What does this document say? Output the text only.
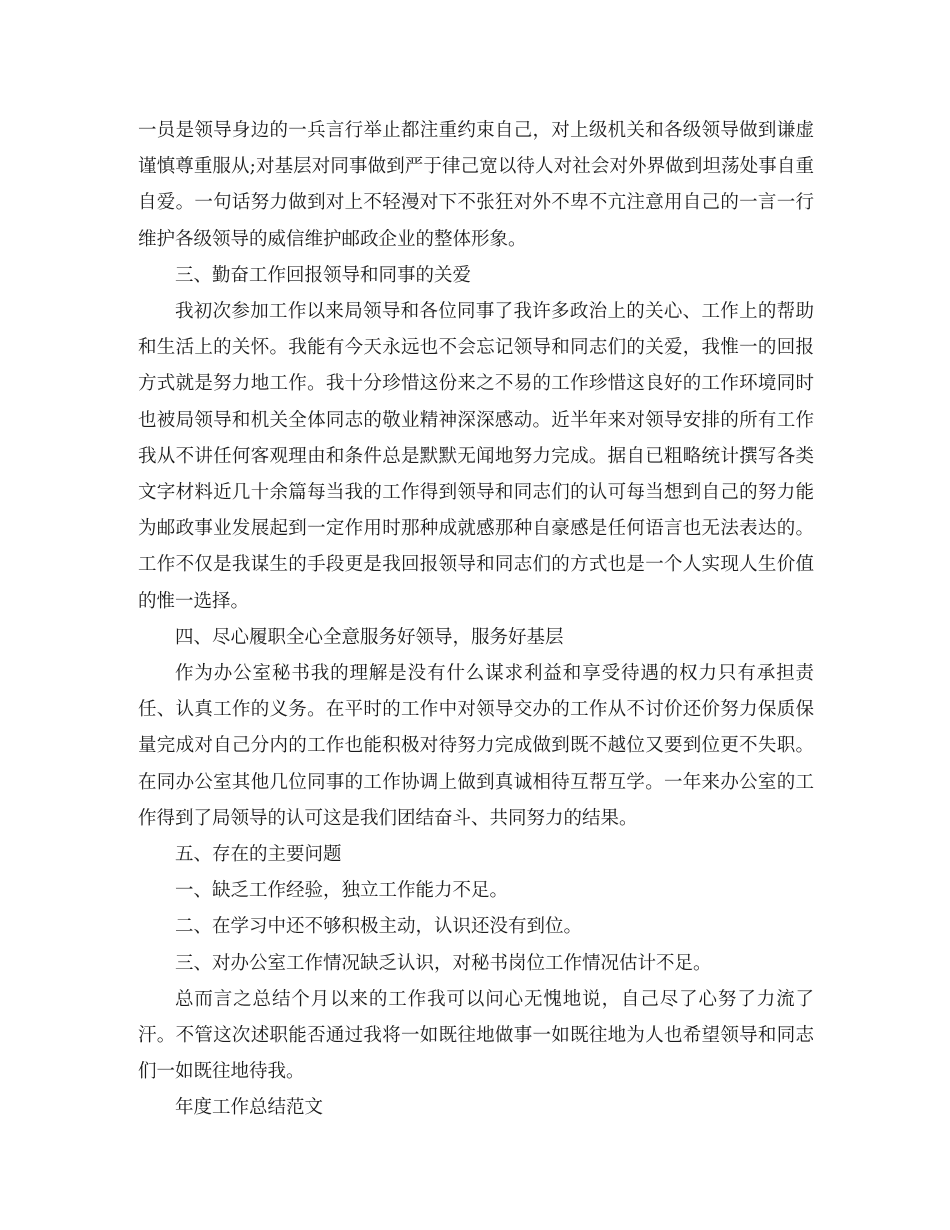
一员是领导身边的一兵言行举止都注重约束自己，对上级机关和各级领导做到谦虚谨慎尊重服从;对基层对同事做到严于律己宽以待人对社会对外界做到坦荡处事自重自爱。一句话努力做到对上不轻漫对下不张狂对外不卑不亢注意用自己的一言一行维护各级领导的威信维护邮政企业的整体形象。

三、勤奋工作回报领导和同事的关爱

我初次参加工作以来局领导和各位同事了我许多政治上的关心、工作上的帮助和生活上的关怀。我能有今天永远也不会忘记领导和同志们的关爱，我惟一的回报方式就是努力地工作。我十分珍惜这份来之不易的工作珍惜这良好的工作环境同时也被局领导和机关全体同志的敬业精神深深感动。近半年来对领导安排的所有工作我从不讲任何客观理由和条件总是默默无闻地努力完成。据自已粗略统计撰写各类文字材料近几十余篇每当我的工作得到领导和同志们的认可每当想到自己的努力能为邮政事业发展起到一定作用时那种成就感那种自豪感是任何语言也无法表达的。工作不仅是我谋生的手段更是我回报领导和同志们的方式也是一个人实现人生价值的惟一选择。

四、尽心履职全心全意服务好领导，服务好基层

作为办公室秘书我的理解是没有什么谋求利益和享受待遇的权力只有承担责任、认真工作的义务。在平时的工作中对领导交办的工作从不讨价还价努力保质保量完成对自己分内的工作也能积极对待努力完成做到既不越位又要到位更不失职。在同办公室其他几位同事的工作协调上做到真诚相待互帮互学。一年来办公室的工作得到了局领导的认可这是我们团结奋斗、共同努力的结果。

五、存在的主要问题

一、缺乏工作经验，独立工作能力不足。

二、在学习中还不够积极主动，认识还没有到位。

三、对办公室工作情况缺乏认识，对秘书岗位工作情况估计不足。

总而言之总结个月以来的工作我可以问心无愧地说，自己尽了心努了力流了汗。不管这次述职能否通过我将一如既往地做事一如既往地为人也希望领导和同志们一如既往地待我。

年度工作总结范文
